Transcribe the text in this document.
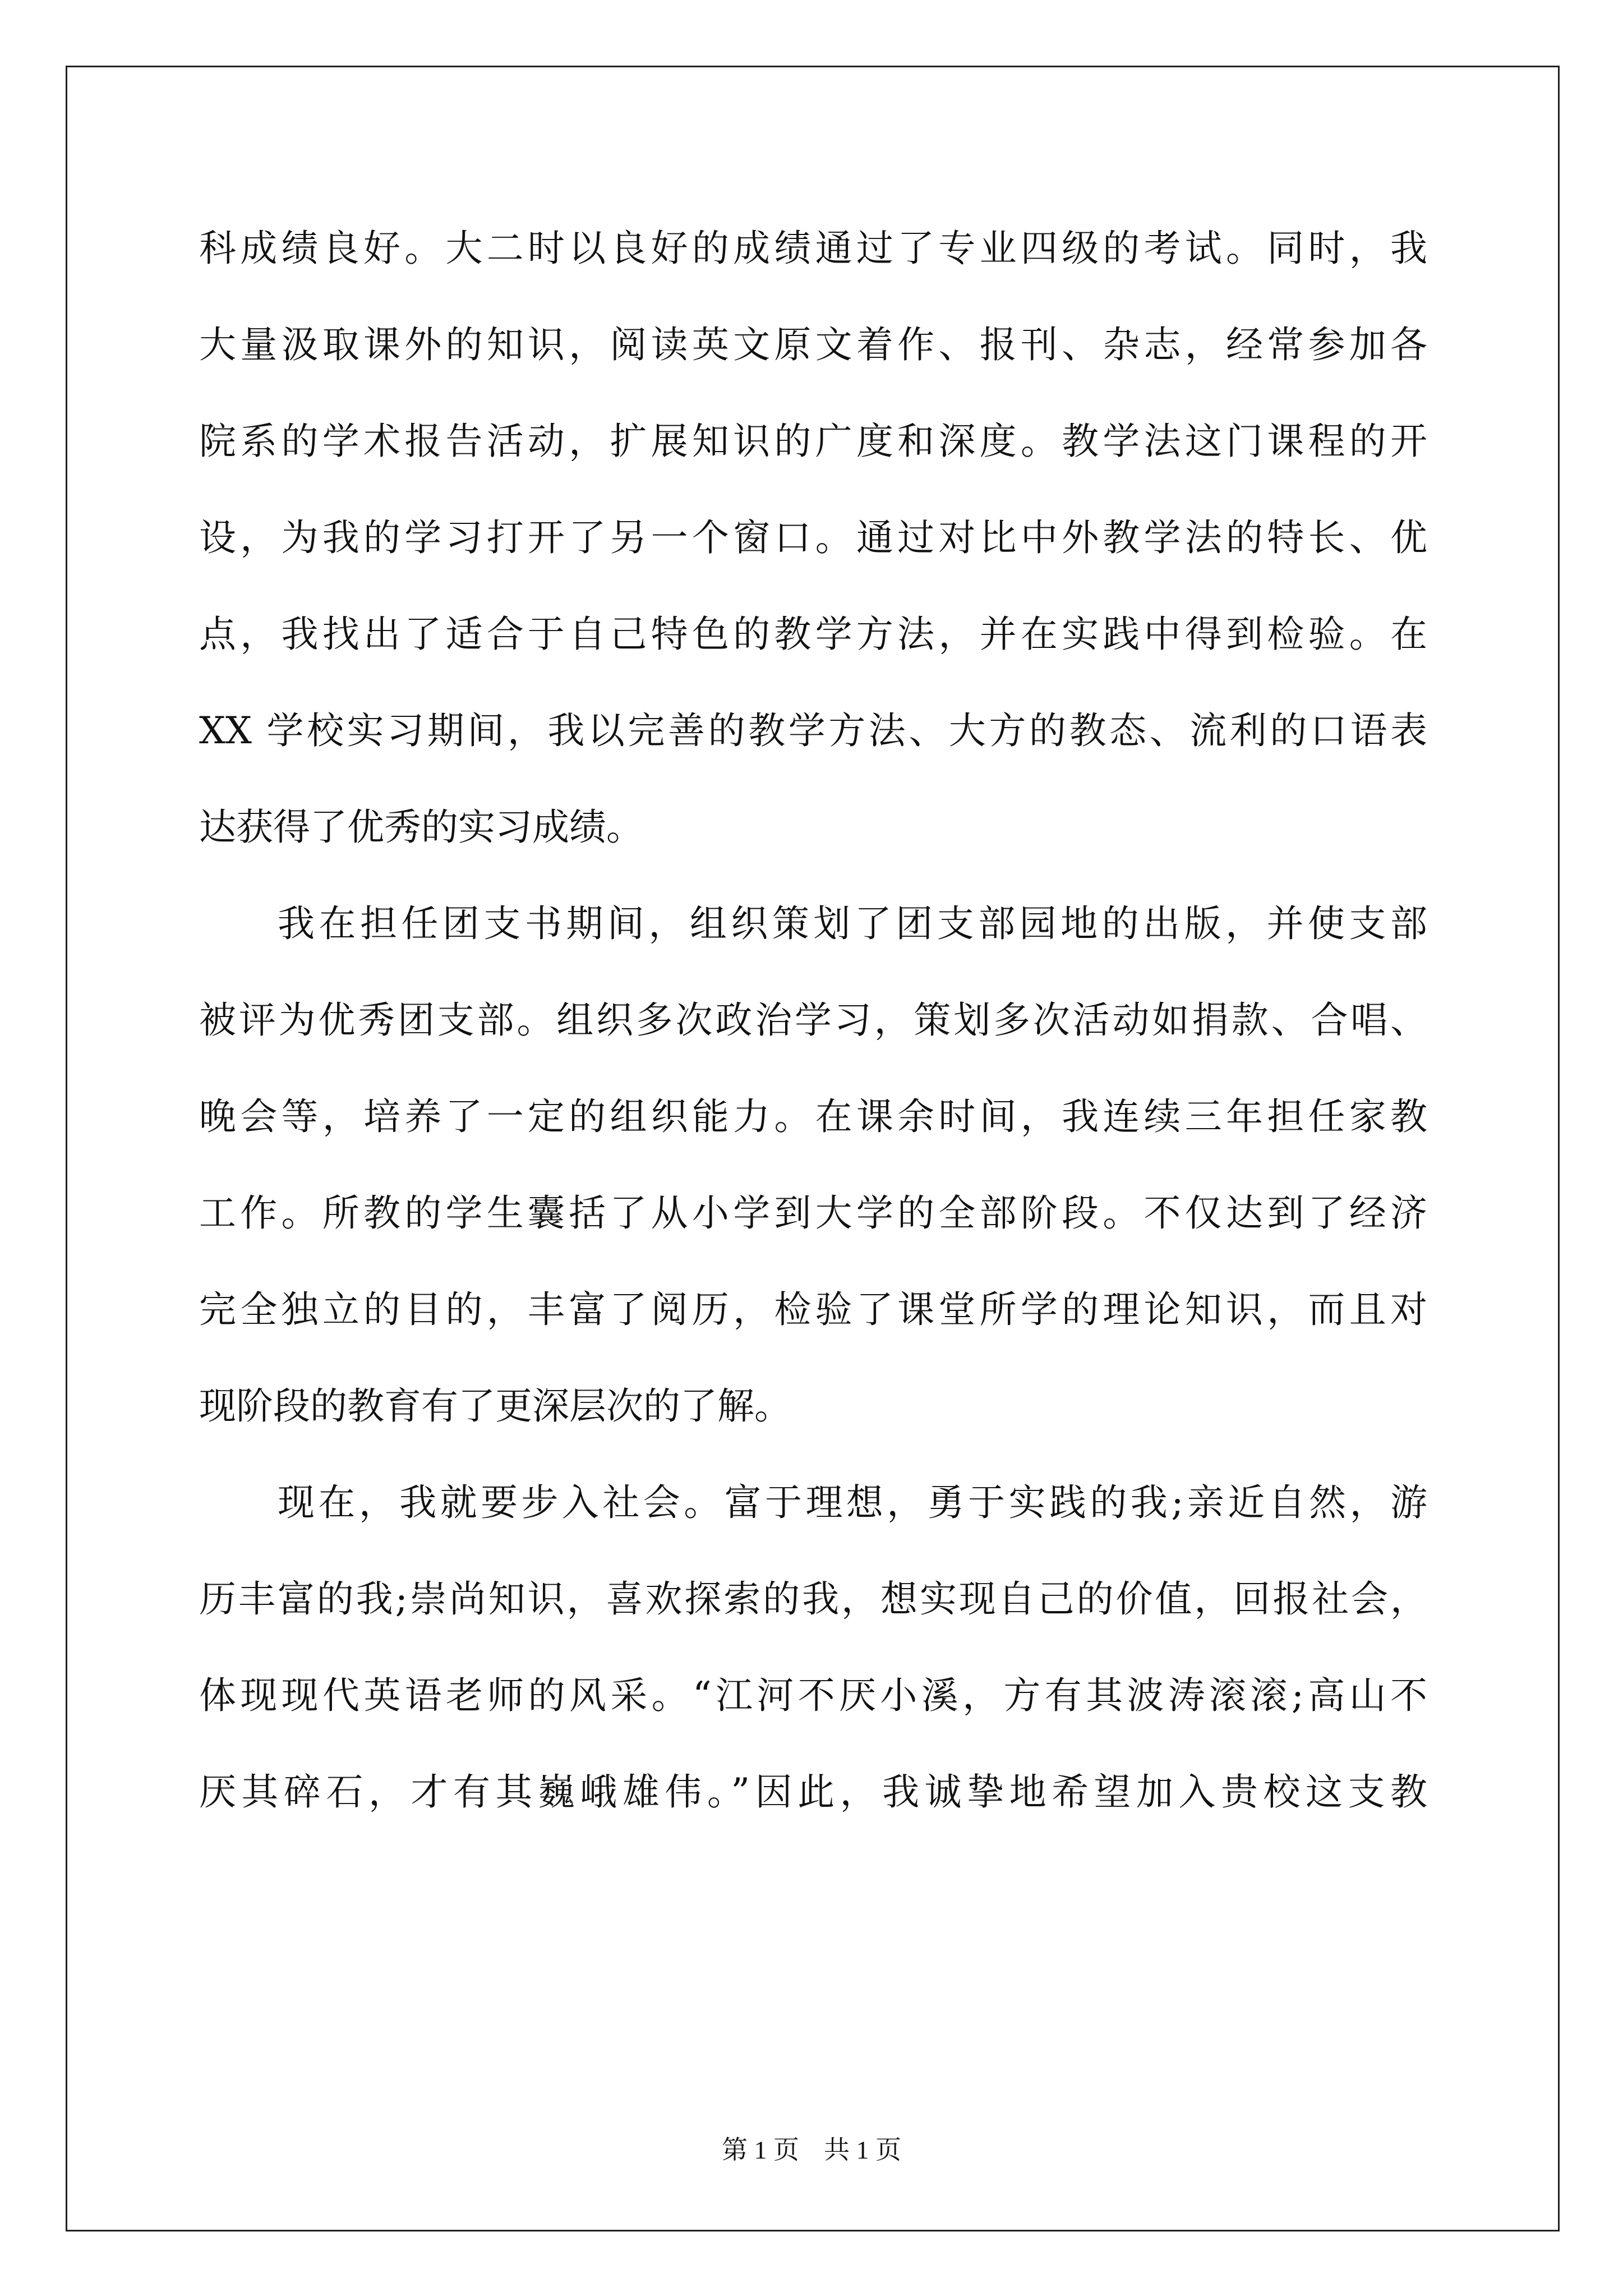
科成绩良好。大二时以良好的成绩通过了专业四级的考试。同时，我
大量汲取课外的知识，阅读英文原文着作、报刊、杂志，经常参加各
院系的学术报告活动，扩展知识的广度和深度。教学法这门课程的开
设，为我的学习打开了另一个窗口。通过对比中外教学法的特长、优
点，我找出了适合于自己特色的教学方法，并在实践中得到检验。在
XX 学校实习期间，我以完善的教学方法、大方的教态、流利的口语表
达获得了优秀的实习成绩。
我在担任团支书期间，组织策划了团支部园地的出版，并使支部
被评为优秀团支部。组织多次政治学习，策划多次活动如捐款、合唱、
晚会等，培养了一定的组织能力。在课余时间，我连续三年担任家教
工作。所教的学生囊括了从小学到大学的全部阶段。不仅达到了经济
完全独立的目的，丰富了阅历，检验了课堂所学的理论知识，而且对
现阶段的教育有了更深层次的了解。
现在，我就要步入社会。富于理想，勇于实践的我;亲近自然，游
历丰富的我;崇尚知识，喜欢探索的我，想实现自己的价值，回报社会，
体现现代英语老师的风采。“江河不厌小溪，方有其波涛滚滚;高山不
厌其碎石，才有其巍峨雄伟。”因此，我诚挚地希望加入贵校这支教
第 1 页 共 1 页
